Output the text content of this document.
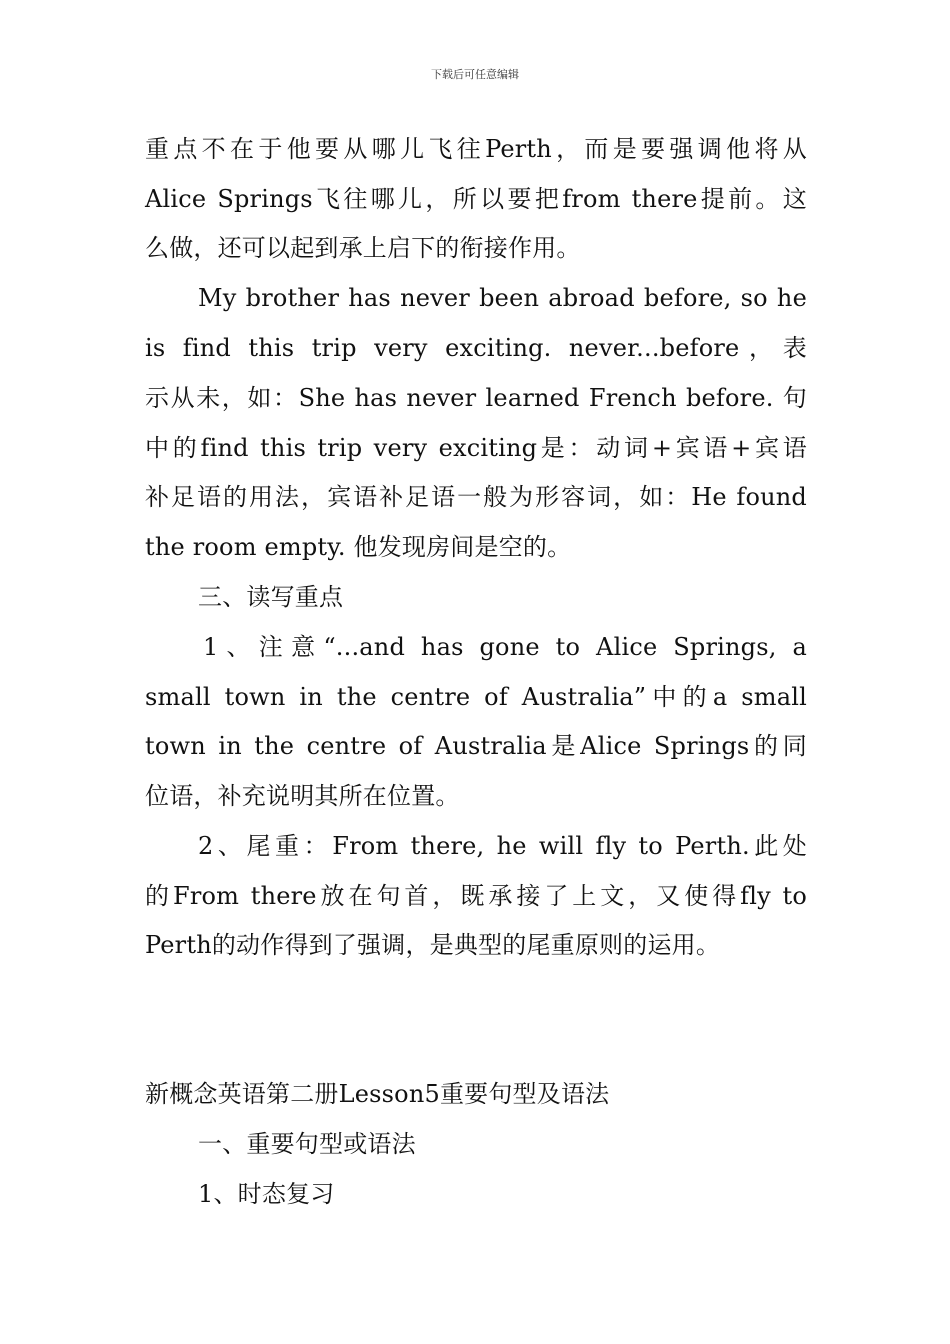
下载后可任意编辑
重点不在于他要从哪儿飞往Perth，而是要强调他将从
Alice Springs飞往哪儿，所以要把from there提前。这
么做，还可以起到承上启下的衔接作用。
My brother has never been abroad before, so he
is find this trip very exciting. never...before，表
示从未，如：She has never learned French before. 句
中的find this trip very exciting是：动词+宾语+宾语
补足语的用法，宾语补足语一般为形容词，如：He found
the room empty. 他发现房间是空的。
三、读写重点
1、注意“...and has gone to Alice Springs, a
small town in the centre of Australia”中的a small
town in the centre of Australia是Alice Springs的同
位语，补充说明其所在位置。
2、尾重：From there, he will fly to Perth.此处
的From there放在句首，既承接了上文，又使得fly to
Perth的动作得到了强调，是典型的尾重原则的运用。
新概念英语第二册Lesson5重要句型及语法
一、重要句型或语法
1、时态复习
